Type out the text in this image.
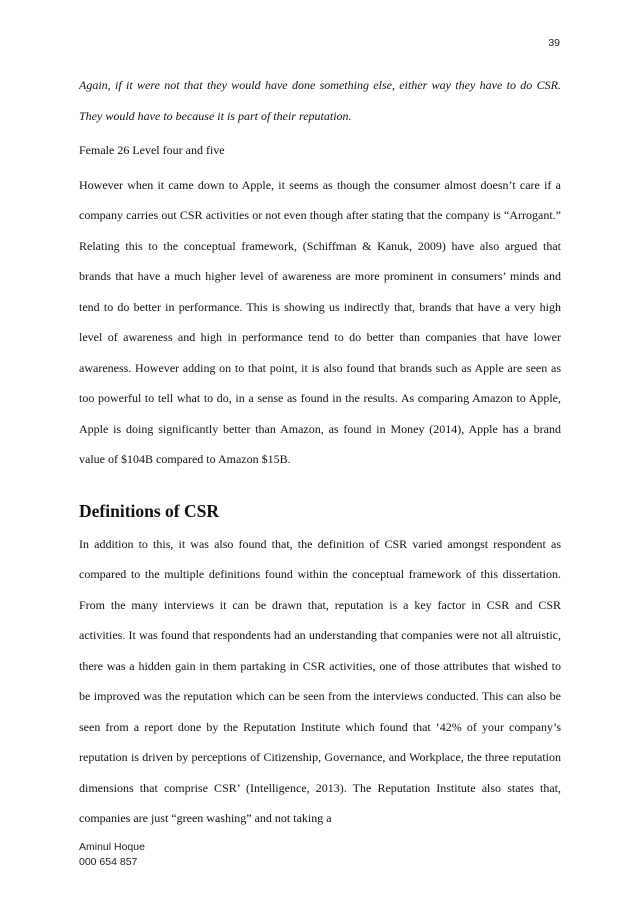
39

Again, if it were not that they would have done something else, either way they have to do CSR. They would have to because it is part of their reputation.

Female 26 Level four and five

However when it came down to Apple, it seems as though the consumer almost doesn’t care if a company carries out CSR activities or not even though after stating that the company is “Arrogant.” Relating this to the conceptual framework, (Schiffman & Kanuk, 2009) have also argued that brands that have a much higher level of awareness are more prominent in consumers’ minds and tend to do better in performance. This is showing us indirectly that, brands that have a very high level of awareness and high in performance tend to do better than companies that have lower awareness. However adding on to that point, it is also found that brands such as Apple are seen as too powerful to tell what to do, in a sense as found in the results. As comparing Amazon to Apple, Apple is doing significantly better than Amazon, as found in Money (2014), Apple has a brand value of $104B compared to Amazon $15B.

Definitions of CSR

In addition to this, it was also found that, the definition of CSR varied amongst respondent as compared to the multiple definitions found within the conceptual framework of this dissertation. From the many interviews it can be drawn that, reputation is a key factor in CSR and CSR activities. It was found that respondents had an understanding that companies were not all altruistic, there was a hidden gain in them partaking in CSR activities, one of those attributes that wished to be improved was the reputation which can be seen from the interviews conducted. This can also be seen from a report done by the Reputation Institute which found that ‘42% of your company’s reputation is driven by perceptions of Citizenship, Governance, and Workplace, the three reputation dimensions that comprise CSR’ (Intelligence, 2013). The Reputation Institute also states that, companies are just “green washing” and not taking a

Aminul Hoque
000 654 857
